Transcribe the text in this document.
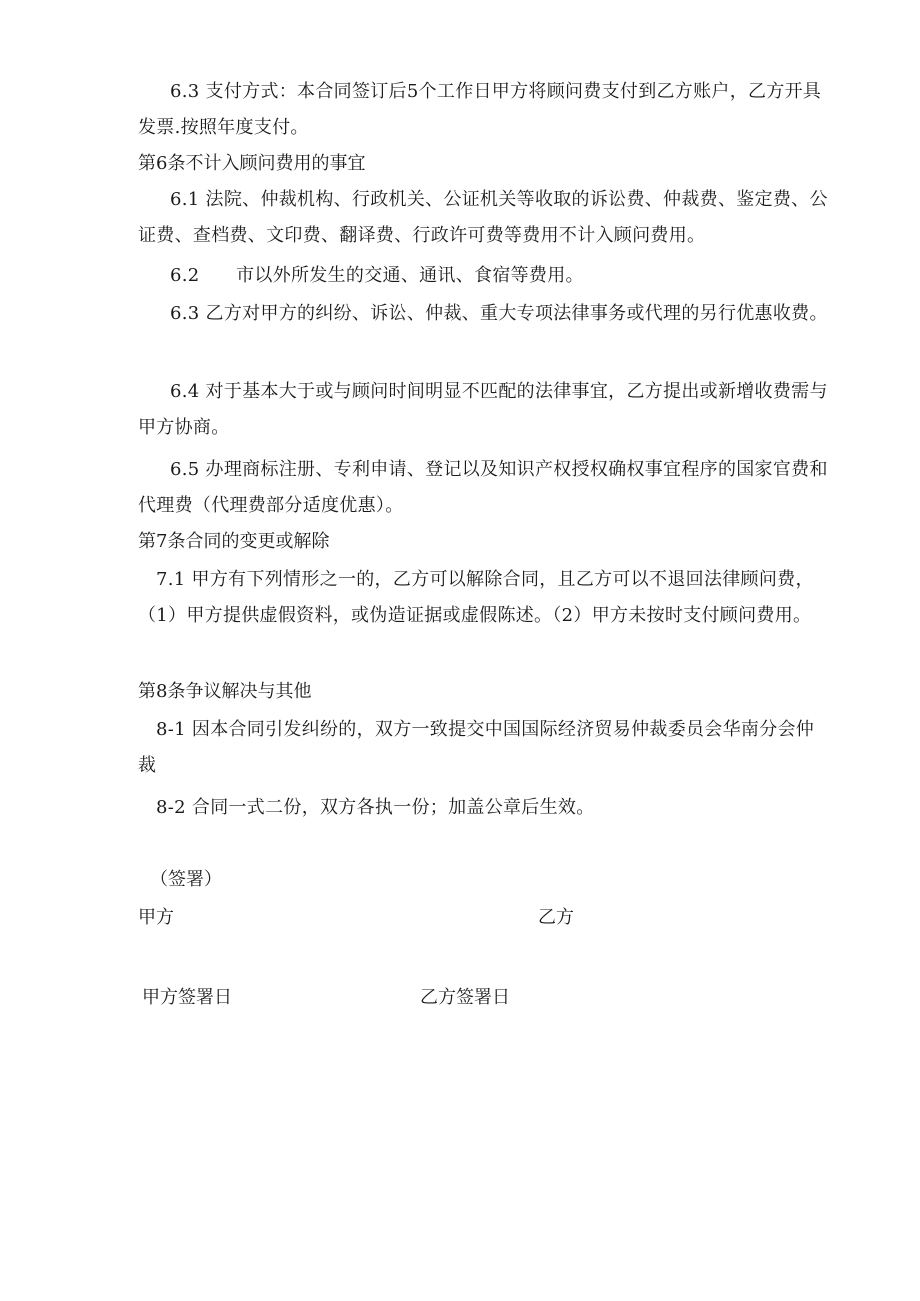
6.3 支付方式：本合同签订后5个工作日甲方将顾问费支付到乙方账户，乙方开具发票.按照年度支付。

第6条不计入顾问费用的事宜

6.1 法院、仲裁机构、行政机关、公证机关等收取的诉讼费、仲裁费、鉴定费、公证费、查档费、文印费、翻译费、行政许可费等费用不计入顾问费用。

6.2　　市以外所发生的交通、通讯、食宿等费用。

6.3 乙方对甲方的纠纷、诉讼、仲裁、重大专项法律事务或代理的另行优惠收费。

6.4 对于基本大于或与顾问时间明显不匹配的法律事宜，乙方提出或新增收费需与甲方协商。

6.5 办理商标注册、专利申请、登记以及知识产权授权确权事宜程序的国家官费和代理费（代理费部分适度优惠）。

第7条合同的变更或解除

7.1 甲方有下列情形之一的，乙方可以解除合同，且乙方可以不退回法律顾问费，（1）甲方提供虚假资料，或伪造证据或虚假陈述。（2）甲方未按时支付顾问费用。

第8条争议解决与其他

8-1 因本合同引发纠纷的，双方一致提交中国国际经济贸易仲裁委员会华南分会仲裁

8-2 合同一式二份，双方各执一份；加盖公章后生效。

（签署）

甲方	乙方

甲方签署日	乙方签署日
